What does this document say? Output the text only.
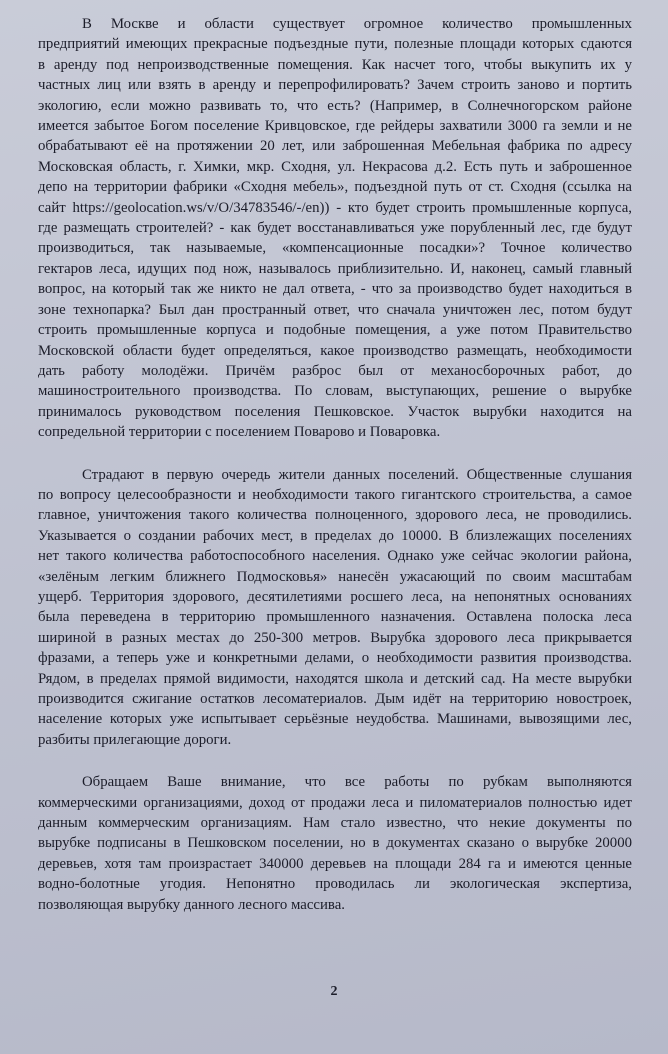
В Москве и области существует огромное количество промышленных
предприятий имеющих прекрасные подъездные пути, полезные площади которых сдаются
в аренду под непроизводственные помещения. Как насчет того, чтобы выкупить их у
частных лиц или взять в аренду и перепрофилировать? Зачем строить заново и портить
экологию, если можно развивать то, что есть? (Например, в Солнечногорском районе
имеется забытое Богом поселение Кривцовское, где рейдеры захватили 3000 га земли и не
обрабатывают её на протяжении 20 лет, или заброшенная Мебельная фабрика по адресу
Московская область, г. Химки, мкр. Сходня, ул. Некрасова д.2. Есть путь и заброшенное
депо на территории фабрики «Сходня мебель», подъездной путь от ст. Сходня (ссылка на
сайт https://geolocation.ws/v/O/34783546/-/en)) - кто будет строить промышленные корпуса,
где размещать строителей? - как будет восстанавливаться уже порубленный лес, где будут
производиться, так называемые, «компенсационные посадки»? Точное количество
гектаров леса, идущих под нож, называлось приблизительно. И, наконец, самый главный
вопрос, на который так же никто не дал ответа, - что за производство будет находиться в
зоне технопарка? Был дан пространный ответ, что сначала уничтожен лес, потом будут
строить промышленные корпуса и подобные помещения, а уже потом Правительство
Московской области будет определяться, какое производство размещать, необходимости
дать работу молодёжи. Причём разброс был от механосборочных работ, до
машиностроительного производства. По словам, выступающих, решение о вырубке
принималось руководством поселения Пешковское. Участок вырубки находится на
сопредельной территории с поселением Поварово и Поваровка.

Страдают в первую очередь жители данных поселений. Общественные слушания
по вопросу целесообразности и необходимости такого гигантского строительства, а самое
главное, уничтожения такого количества полноценного, здорового леса, не проводились.
Указывается о создании рабочих мест, в пределах до 10000. В близлежащих поселениях
нет такого количества работоспособного населения. Однако уже сейчас экологии района,
«зелёным легким ближнего Подмосковья» нанесён ужасающий по своим масштабам
ущерб. Территория здорового, десятилетиями росшего леса, на непонятных основаниях
была переведена в территорию промышленного назначения. Оставлена полоска леса
шириной в разных местах до 250-300 метров. Вырубка здорового леса прикрывается
фразами, а теперь уже и конкретными делами, о необходимости развития производства.
Рядом, в пределах прямой видимости, находятся школа и детский сад. На месте вырубки
производится сжигание остатков лесоматериалов. Дым идёт на территорию новостроек,
население которых уже испытывает серьёзные неудобства. Машинами, вывозящими лес,
разбиты прилегающие дороги.

Обращаем Ваше внимание, что все работы по рубкам выполняются
коммерческими организациями, доход от продажи леса и пиломатериалов полностью идет
данным коммерческим организациям. Нам стало известно, что некие документы по
вырубке подписаны в Пешковском поселении, но в документах сказано о вырубке 20000
деревьев, хотя там произрастает 340000 деревьев на площади 284 га и имеются ценные
водно-болотные угодия. Непонятно проводилась ли экологическая экспертиза,
позволяющая вырубку данного лесного массива.

2
